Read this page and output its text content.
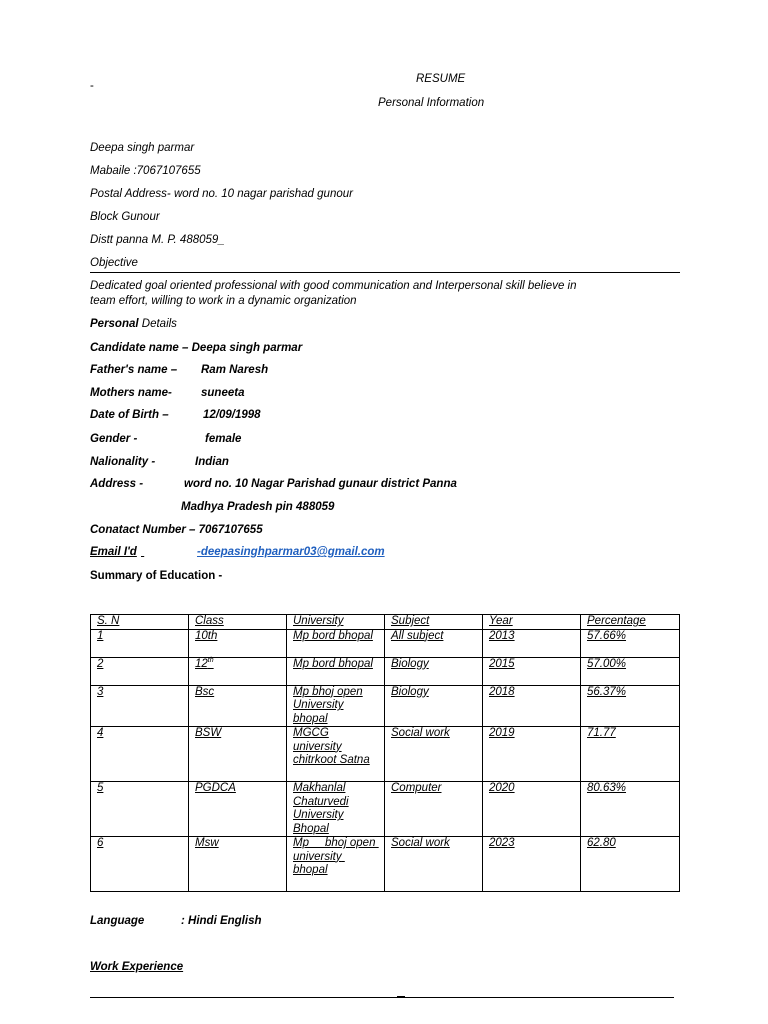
-
RESUME
Personal Information
Deepa singh parmar
Mabaile :7067107655
Postal Address- word no. 10 nagar parishad gunour
Block Gunour
Distt panna M. P. 488059_
Objective
Dedicated goal oriented professional with good communication and Interpersonal skill believe in
team effort, willing to work in a dynamic organization
Personal Details
Candidate name – Deepa singh parmar
Father's name – Ram Naresh
Mothers name-	suneeta
Date of Birth –	12/09/1998
Gender -	female
Nalionality -	Indian
Address -	word no. 10 Nagar Parishad gunaur district Panna
Madhya Pradesh pin 488059
Conatact Number – 7067107655
Email I'd
	-deepasinghparmar03@gmail.com
Summary of Education -
S. N	Class	University	Subject	Year	Percentage
1	10th	Mp bord bhopal	All subject	2013	57.66%
2	12th	Mp bord bhopal	Biology	2015	57.00%
3	Bsc	Mp bhoj open University bhopal	Biology	2018	56.37%
4	BSW	MGCG university chitrkoot Satna	Social work	2019	71.77
5	PGDCA	Makhanlal Chaturvedi University Bhopal	Computer	2020	80.63%
6	Msw	Mp     bhoj open university bhopal	Social work	2023	62.80
Language	: Hindi English
Work Experience
